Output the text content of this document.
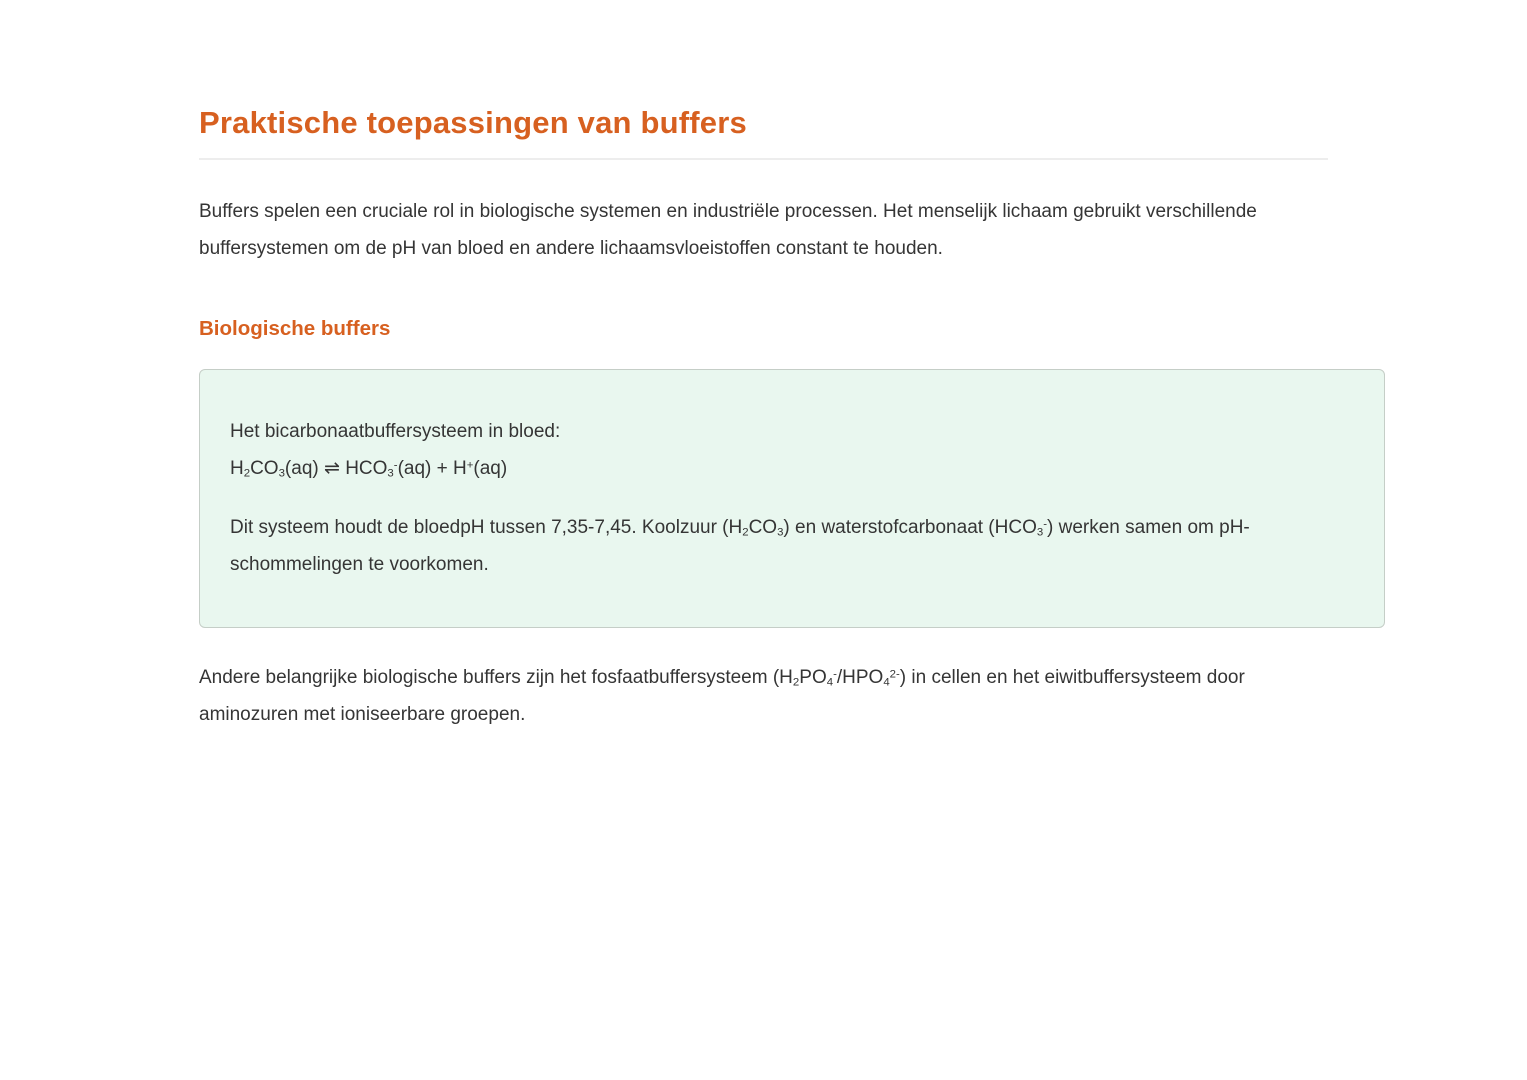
Praktische toepassingen van buffers

Buffers spelen een cruciale rol in biologische systemen en industriële processen. Het menselijk lichaam gebruikt verschillende buffersystemen om de pH van bloed en andere lichaamsvloeistoffen constant te houden.

Biologische buffers

Het bicarbonaatbuffersysteem in bloed:

$H_2CO_3(aq)$ ⇌ $HCO_3^-(aq) + H^+(aq)$

Dit systeem houdt de bloedpH tussen 7,35-7,45. Koolzuur $(H_2CO_3)$ en waterstofcarbonaat $(HCO_3^-)$ werken samen om pH-schommelingen te voorkomen.

Andere belangrijke biologische buffers zijn het fosfaatbuffersysteem $(H_2PO_4^-/HPO_4^{2-})$ in cellen en het eiwitbuffersysteem door aminozuren met ioniseerbare groepen.
